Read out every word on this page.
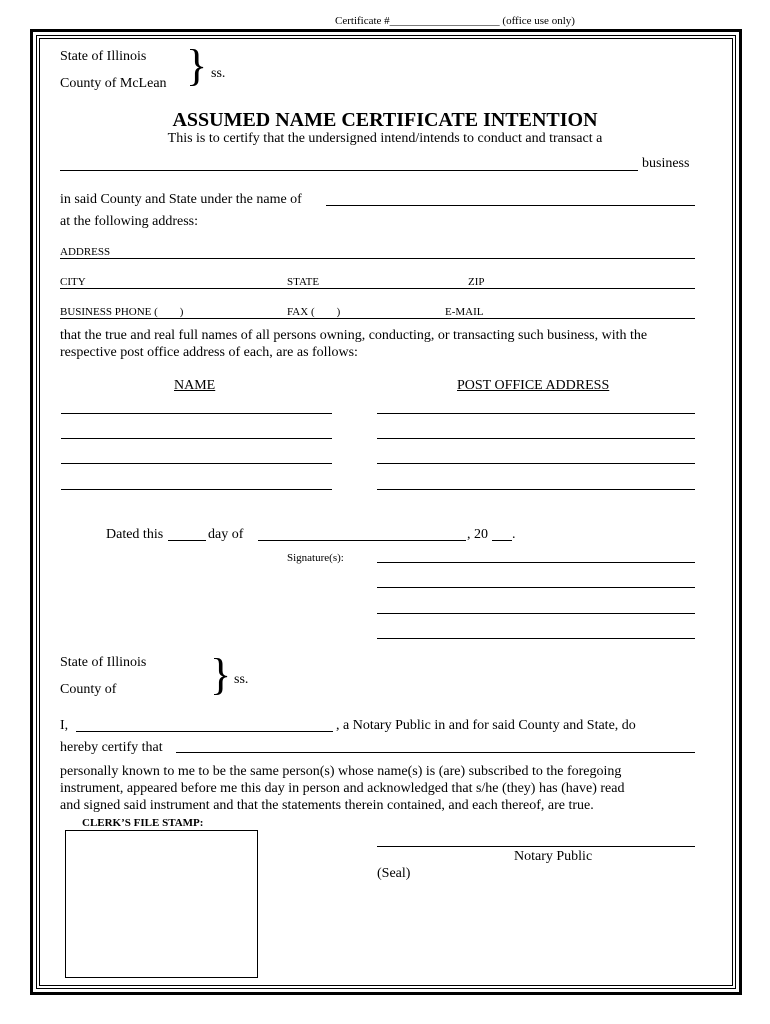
Certificate #____________________ (office use only)
State of Illinois
County of McLean } ss.
ASSUMED NAME CERTIFICATE INTENTION
This is to certify that the undersigned intend/intends to conduct and transact a
business
in said County and State under the name of
at the following address:
ADDRESS
CITY	STATE	ZIP
BUSINESS PHONE (        )	FAX (        )	E-MAIL
that the true and real full names of all persons owning, conducting, or transacting such business, with the
respective post office address of each, are as follows:
NAME	POST OFFICE ADDRESS
Dated this	day of	, 20 .
Signature(s):
State of Illinois
County of } ss.
I,	, a Notary Public in and for said County and State, do
hereby certify that
personally known to me to be the same person(s) whose name(s) is (are) subscribed to the foregoing
instrument, appeared before me this day in person and acknowledged that s/he (they) has (have) read
and signed said instrument and that the statements therein contained, and each thereof, are true.
CLERK’S FILE STAMP:
Notary Public
(Seal)
